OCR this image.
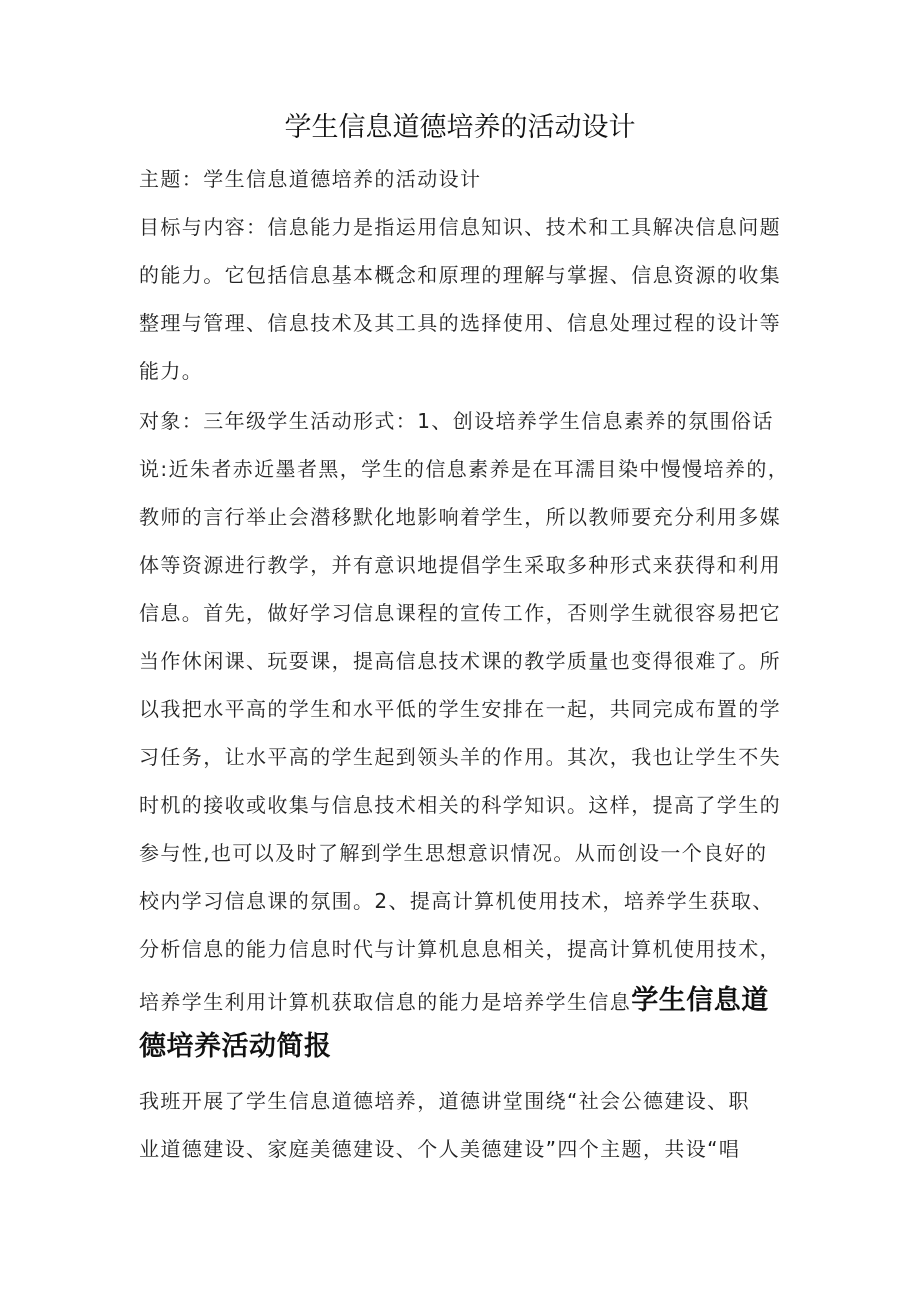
学生信息道德培养的活动设计
主题：学生信息道德培养的活动设计
目标与内容：信息能力是指运用信息知识、技术和工具解决信息问题
的能力。它包括信息基本概念和原理的理解与掌握、信息资源的收集
整理与管理、信息技术及其工具的选择使用、信息处理过程的设计等
能力。
对象：三年级学生活动形式：1、创设培养学生信息素养的氛围俗话
说:近朱者赤近墨者黑，学生的信息素养是在耳濡目染中慢慢培养的，
教师的言行举止会潜移默化地影响着学生，所以教师要充分利用多媒
体等资源进行教学，并有意识地提倡学生采取多种形式来获得和利用
信息。首先，做好学习信息课程的宣传工作，否则学生就很容易把它
当作休闲课、玩耍课，提高信息技术课的教学质量也变得很难了。所
以我把水平高的学生和水平低的学生安排在一起，共同完成布置的学
习任务，让水平高的学生起到领头羊的作用。其次，我也让学生不失
时机的接收或收集与信息技术相关的科学知识。这样，提高了学生的
参与性,也可以及时了解到学生思想意识情况。从而创设一个良好的
校内学习信息课的氛围。2、提高计算机使用技术，培养学生获取、
分析信息的能力信息时代与计算机息息相关，提高计算机使用技术，
培养学生利用计算机获取信息的能力是培养学生信息学生信息道
德培养活动简报
我班开展了学生信息道德培养，道德讲堂围绕“社会公德建设、职
业道德建设、家庭美德建设、个人美德建设”四个主题，共设“唱
